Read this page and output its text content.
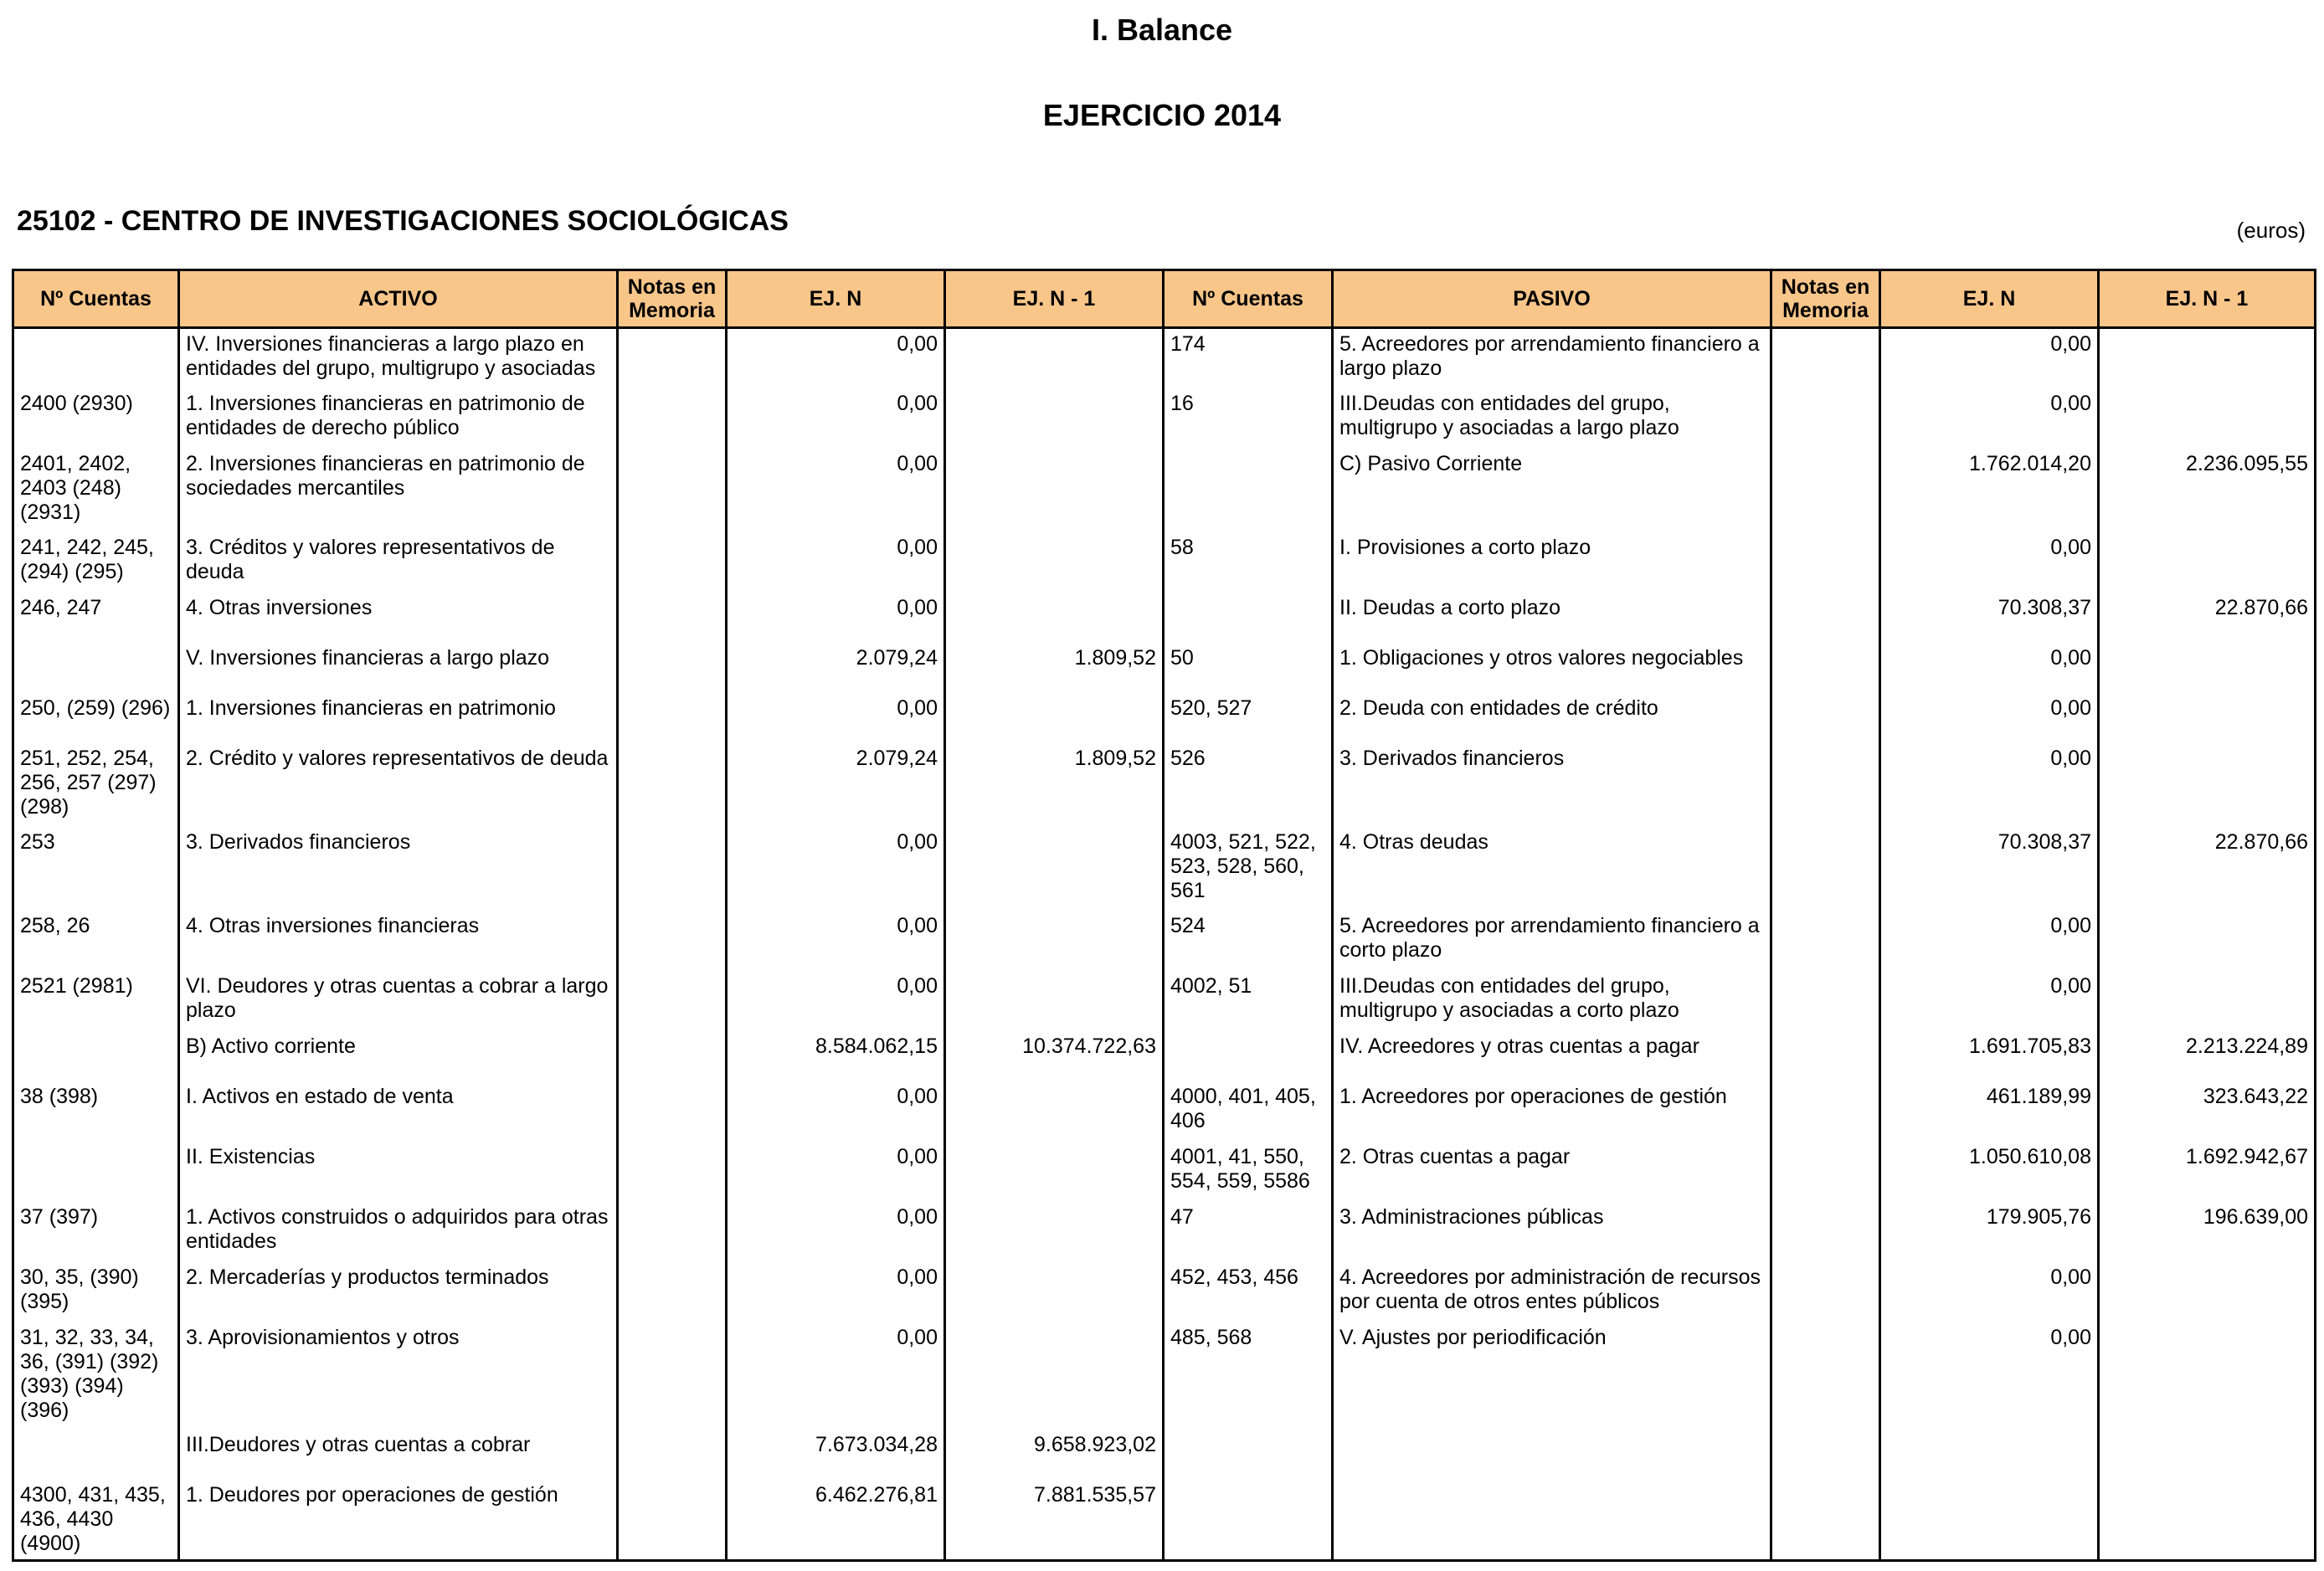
I. Balance
EJERCICIO 2014
25102 - CENTRO DE INVESTIGACIONES SOCIOLÓGICAS	(euros)
Nº Cuentas	ACTIVO	Notas en Memoria	EJ. N	EJ. N - 1	Nº Cuentas	PASIVO	Notas en Memoria	EJ. N	EJ. N - 1
	IV. Inversiones financieras a largo plazo en entidades del grupo, multigrupo y asociadas		0,00		174	5. Acreedores por arrendamiento financiero a largo plazo		0,00	
2400 (2930)	1. Inversiones financieras en patrimonio de entidades de derecho público		0,00		16	III.Deudas con entidades del grupo, multigrupo y asociadas a largo plazo		0,00	
2401, 2402, 2403 (248) (2931)	2. Inversiones financieras en patrimonio de sociedades mercantiles		0,00			C) Pasivo Corriente		1.762.014,20	2.236.095,55
241, 242, 245, (294) (295)	3. Créditos y valores representativos de deuda		0,00		58	I. Provisiones a corto plazo		0,00	
246, 247	4. Otras inversiones		0,00			II. Deudas a corto plazo		70.308,37	22.870,66
	V. Inversiones financieras a largo plazo		2.079,24	1.809,52	50	1. Obligaciones y otros valores negociables		0,00	
250, (259) (296)	1. Inversiones financieras en patrimonio		0,00		520, 527	2. Deuda con entidades de crédito		0,00	
251, 252, 254, 256, 257 (297) (298)	2. Crédito y valores representativos de deuda		2.079,24	1.809,52	526	3. Derivados financieros		0,00	
253	3. Derivados financieros		0,00		4003, 521, 522, 523, 528, 560, 561	4. Otras deudas		70.308,37	22.870,66
258, 26	4. Otras inversiones financieras		0,00		524	5. Acreedores por arrendamiento financiero a corto plazo		0,00	
2521 (2981)	VI. Deudores y otras cuentas a cobrar a largo plazo		0,00		4002, 51	III.Deudas con entidades del grupo, multigrupo y asociadas a corto plazo		0,00	
	B) Activo corriente		8.584.062,15	10.374.722,63		IV. Acreedores y otras cuentas a pagar		1.691.705,83	2.213.224,89
38 (398)	I. Activos en estado de venta		0,00		4000, 401, 405, 406	1. Acreedores por operaciones de gestión		461.189,99	323.643,22
	II. Existencias		0,00		4001, 41, 550, 554, 559, 5586	2. Otras cuentas a pagar		1.050.610,08	1.692.942,67
37 (397)	1. Activos construidos o adquiridos para otras entidades		0,00		47	3. Administraciones públicas		179.905,76	196.639,00
30, 35, (390) (395)	2. Mercaderías y productos terminados		0,00		452, 453, 456	4. Acreedores por administración de recursos por cuenta de otros entes públicos		0,00	
31, 32, 33, 34, 36, (391) (392) (393) (394) (396)	3. Aprovisionamientos y otros		0,00		485, 568	V. Ajustes por periodificación		0,00	
	III.Deudores y otras cuentas a cobrar		7.673.034,28	9.658.923,02					
4300, 431, 435, 436, 4430 (4900)	1. Deudores por operaciones de gestión		6.462.276,81	7.881.535,57					
